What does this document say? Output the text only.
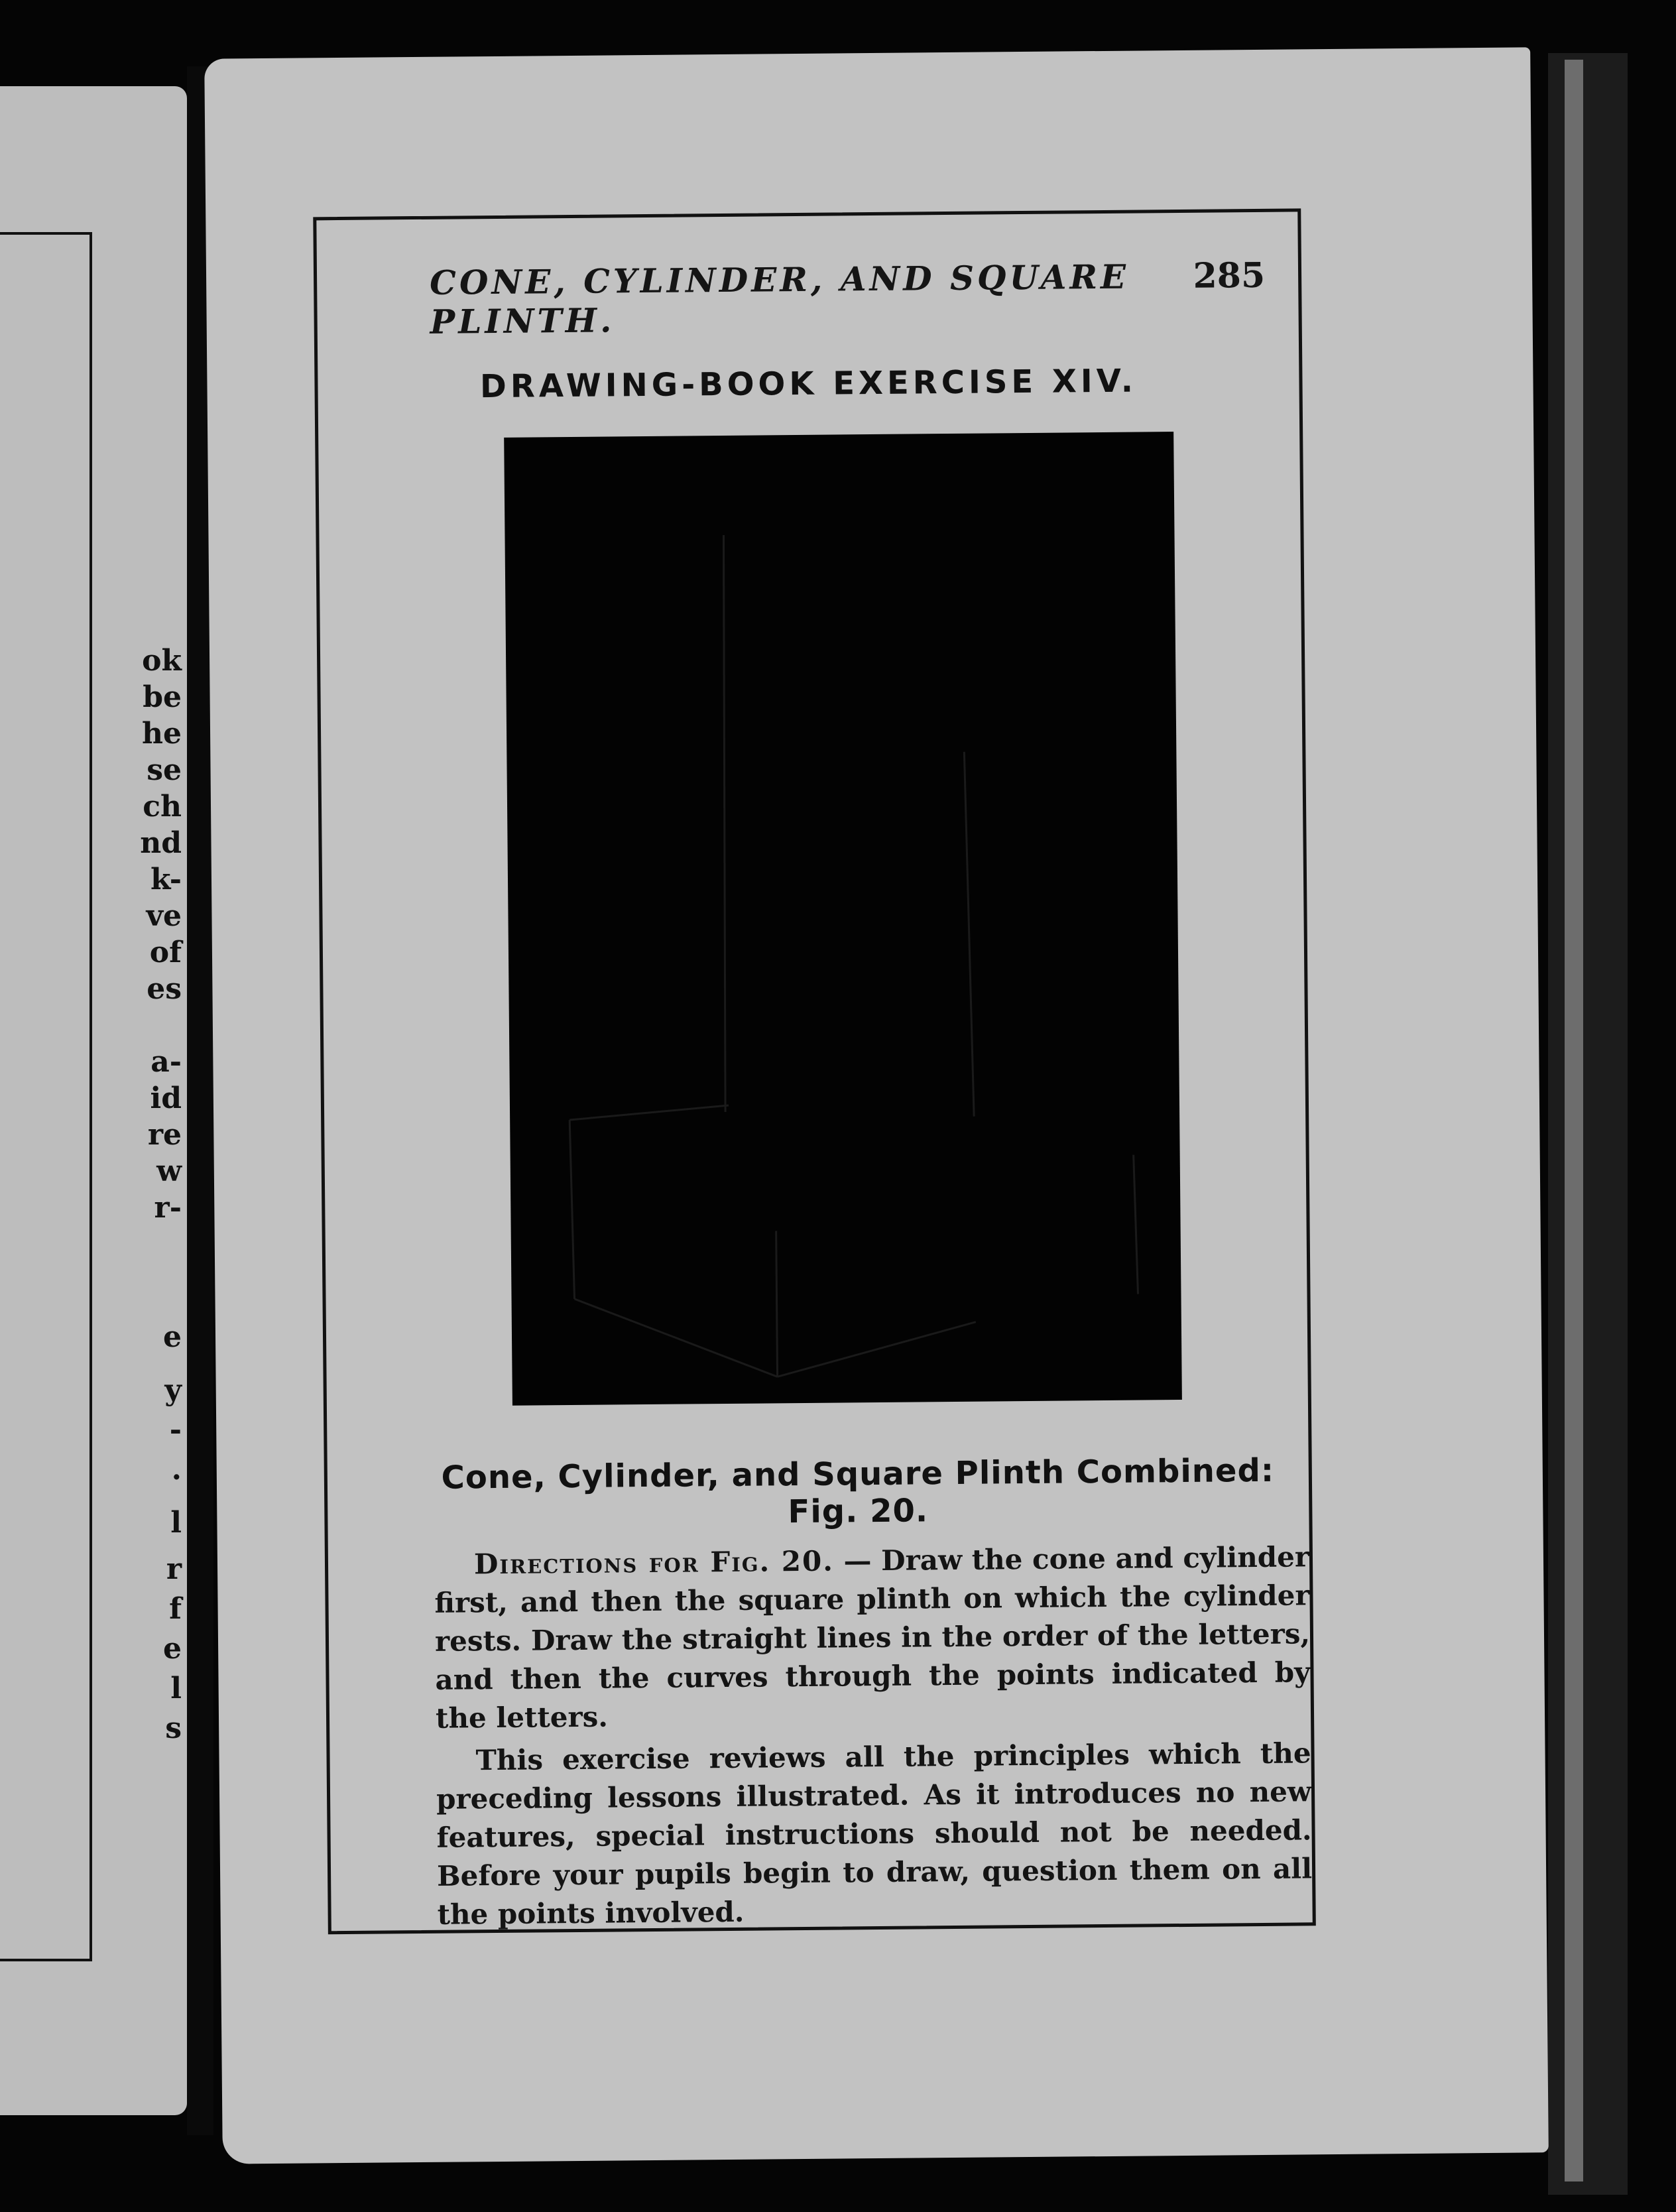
ok
be
he
se
ch
nd
k-
ve
of
es
a-
id
re
w
r-
e
y
-
.
l
r
f
e
l
s
CONE, CYLINDER, AND SQUARE PLINTH.
285
DRAWING-BOOK EXERCISE XIV.
Cone, Cylinder, and Square Plinth Combined: Fig. 20.

Directions for Fig. 20. — Draw the cone and cylinder first, and then the square plinth on which the cylinder rests. Draw the straight lines in the order of the letters, and then the curves through the points indicated by the letters.

This exercise reviews all the principles which the preceding lessons illustrated. As it introduces no new features, special instructions should not be needed. Before your pupils begin to draw, question them on all the points involved.
